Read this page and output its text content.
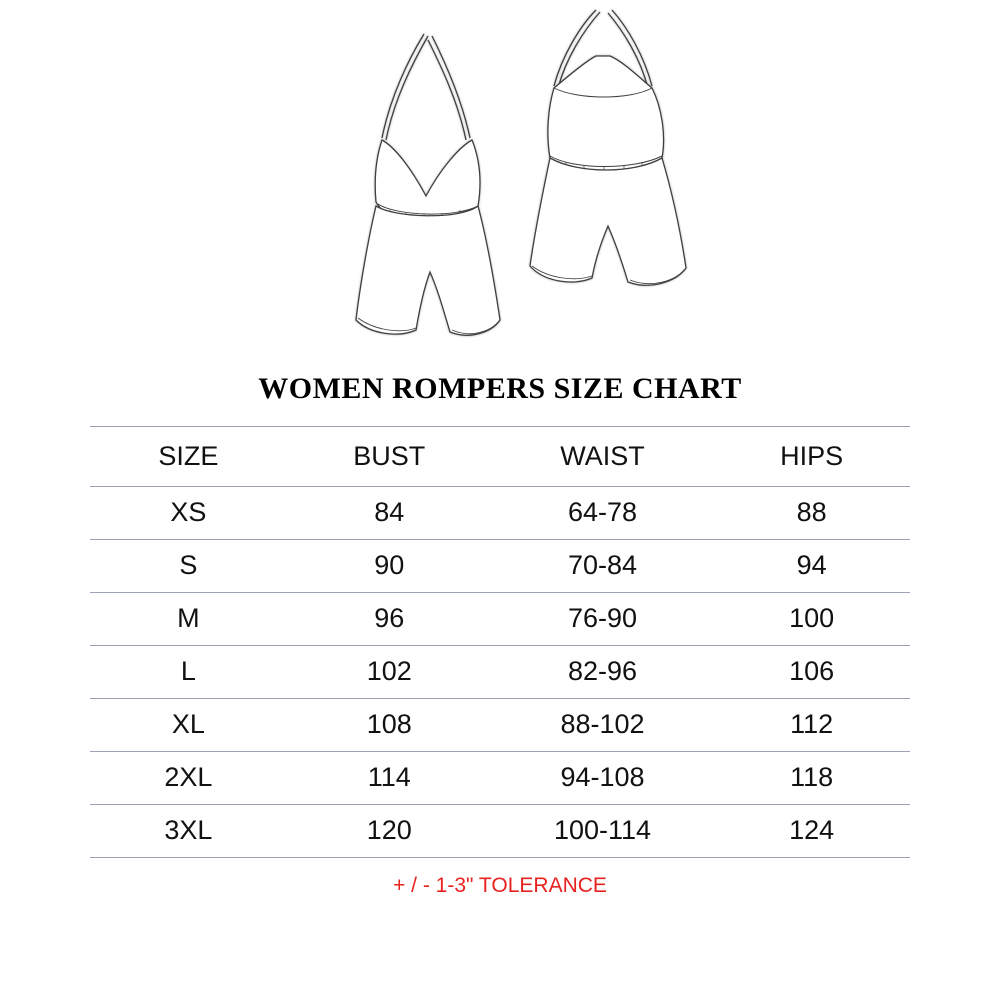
WOMEN ROMPERS SIZE CHART
SIZE	BUST	WAIST	HIPS
XS	84	64-78	88
S	90	70-84	94
M	96	76-90	100
L	102	82-96	106
XL	108	88-102	112
2XL	114	94-108	118
3XL	120	100-114	124
+ / - 1-3" TOLERANCE
